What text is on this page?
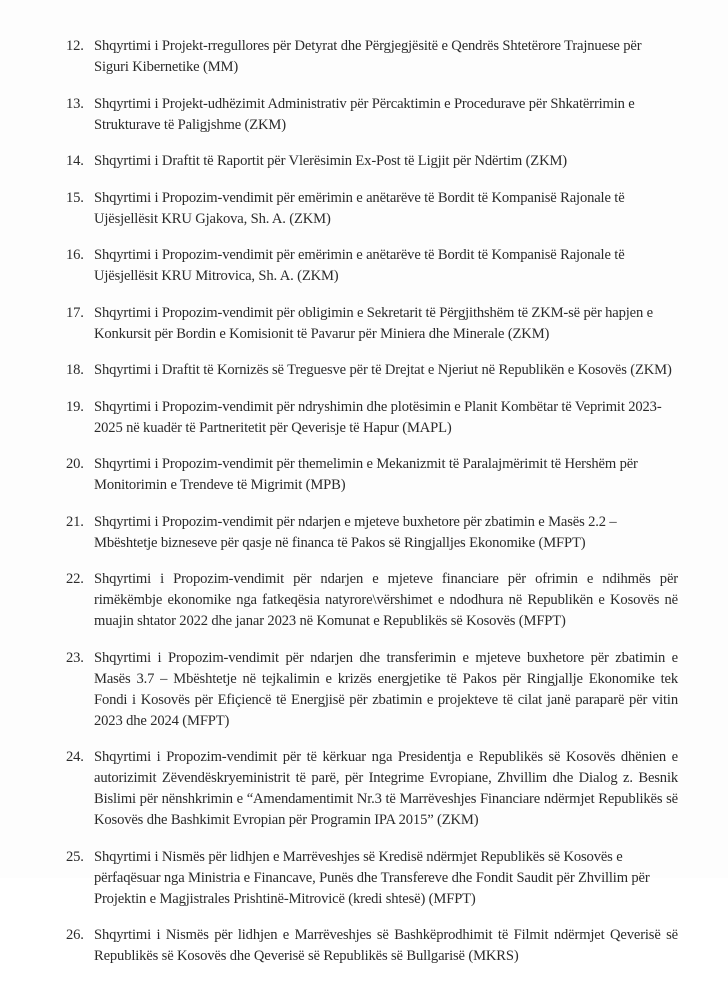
12. Shqyrtimi i Projekt-rregullores për Detyrat dhe Përgjegjësitë e Qendrës Shtetërore Trajnuese për Siguri Kibernetike (MM)
13. Shqyrtimi i Projekt-udhëzimit Administrativ për Përcaktimin e Procedurave për Shkatërrimin e Strukturave të Paligjshme (ZKM)
14. Shqyrtimi i Draftit të Raportit për Vlerësimin Ex-Post të Ligjit për Ndërtim (ZKM)
15. Shqyrtimi i Propozim-vendimit për emërimin e anëtarëve të Bordit të Kompanisë Rajonale të Ujësjellësit KRU Gjakova, Sh. A. (ZKM)
16. Shqyrtimi i Propozim-vendimit për emërimin e anëtarëve të Bordit të Kompanisë Rajonale të Ujësjellësit KRU Mitrovica, Sh. A. (ZKM)
17. Shqyrtimi i Propozim-vendimit për obligimin e Sekretarit të Përgjithshëm të ZKM-së për hapjen e Konkursit për Bordin e Komisionit të Pavarur për Miniera dhe Minerale (ZKM)
18. Shqyrtimi i Draftit të Kornizës së Treguesve për të Drejtat e Njeriut në Republikën e Kosovës (ZKM)
19. Shqyrtimi i Propozim-vendimit për ndryshimin dhe plotësimin e Planit Kombëtar të Veprimit 2023-2025 në kuadër të Partneritetit për Qeverisje të Hapur (MAPL)
20. Shqyrtimi i Propozim-vendimit për themelimin e Mekanizmit të Paralajmërimit të Hershëm për Monitorimin e Trendeve të Migrimit (MPB)
21. Shqyrtimi i Propozim-vendimit për ndarjen e mjeteve buxhetore për zbatimin e Masës 2.2 – Mbështetje bizneseve për qasje në financa të Pakos së Ringjalljes Ekonomike (MFPT)
22. Shqyrtimi i Propozim-vendimit për ndarjen e mjeteve financiare për ofrimin e ndihmës për rimëkëmbje ekonomike nga fatkeqësia natyrore\vërshimet e ndodhura në Republikën e Kosovës në muajin shtator 2022 dhe janar 2023 në Komunat e Republikës së Kosovës (MFPT)
23. Shqyrtimi i Propozim-vendimit për ndarjen dhe transferimin e mjeteve buxhetore për zbatimin e Masës 3.7 – Mbështetje në tejkalimin e krizës energjetike të Pakos për Ringjallje Ekonomike tek Fondi i Kosovës për Efiçiencë të Energjisë për zbatimin e projekteve të cilat janë paraparë për vitin 2023 dhe 2024 (MFPT)
24. Shqyrtimi i Propozim-vendimit për të kërkuar nga Presidentja e Republikës së Kosovës dhënien e autorizimit Zëvendëskryeministrit të parë, për Integrime Evropiane, Zhvillim dhe Dialog z. Besnik Bislimi për nënshkrimin e “Amendamentimit Nr.3 të Marrëveshjes Financiare ndërmjet Republikës së Kosovës dhe Bashkimit Evropian për Programin IPA 2015” (ZKM)
25. Shqyrtimi i Nismës për lidhjen e Marrëveshjes së Kredisë ndërmjet Republikës së Kosovës e përfaqësuar nga Ministria e Financave, Punës dhe Transfereve dhe Fondit Saudit për Zhvillim për Projektin e Magjistrales Prishtinë-Mitrovicë (kredi shtesë) (MFPT)
26. Shqyrtimi i Nismës për lidhjen e Marrëveshjes së Bashkëprodhimit të Filmit ndërmjet Qeverisë së Republikës së Kosovës dhe Qeverisë së Republikës së Bullgarisë (MKRS)
